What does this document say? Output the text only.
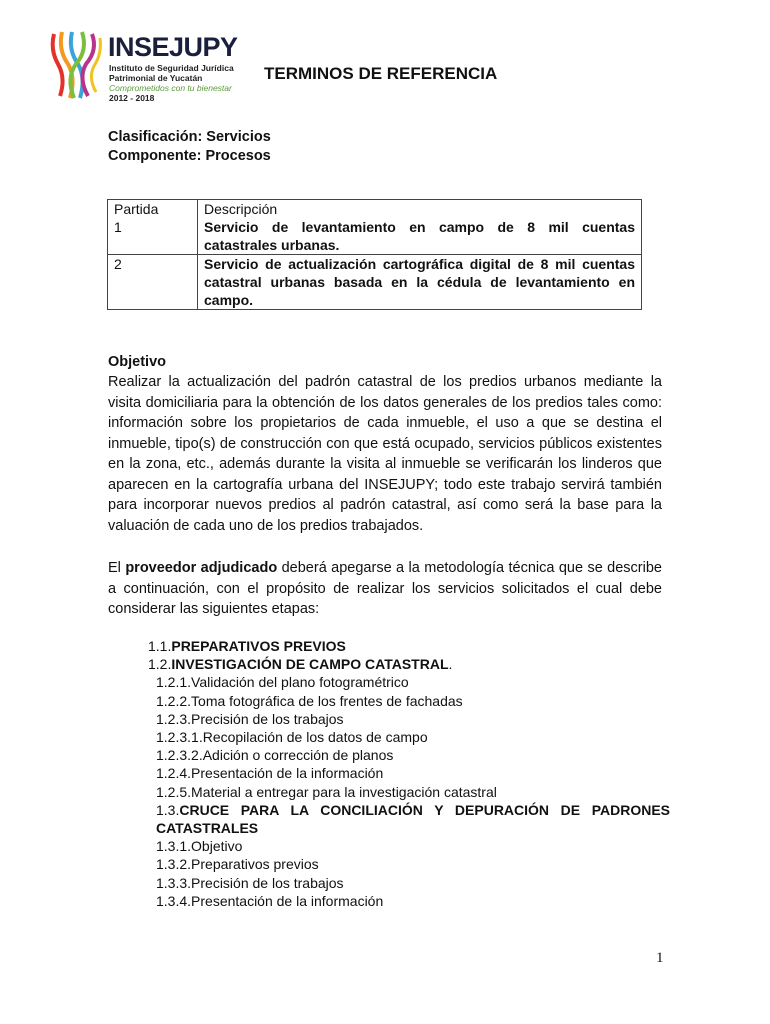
INSEJUPY
Instituto de Seguridad Jurídica
Patrimonial de Yucatán
Comprometidos con tu bienestar
2012 - 2018
TERMINOS DE REFERENCIA
Clasificación: Servicios
Componente: Procesos
Partida	Descripción
1	Servicio de levantamiento en campo de 8 mil cuentas catastrales urbanas.
2	Servicio de actualización cartográfica digital de 8 mil cuentas catastral urbanas basada en la cédula de levantamiento en campo.
Objetivo
Realizar la actualización del padrón catastral de los predios urbanos mediante la visita domiciliaria para la obtención de los datos generales de los predios tales como: información sobre los propietarios de cada inmueble, el uso a que se destina el inmueble, tipo(s) de construcción con que está ocupado, servicios públicos existentes en la zona, etc., además durante la visita al inmueble se verificarán los linderos que aparecen en la cartografía urbana del INSEJUPY; todo este trabajo servirá también para incorporar nuevos predios al padrón catastral, así como será la base para la valuación de cada uno de los predios trabajados.
El proveedor adjudicado deberá apegarse a la metodología técnica que se describe a continuación, con el propósito de realizar los servicios solicitados el cual debe considerar las siguientes etapas:
1.1.PREPARATIVOS PREVIOS
1.2.INVESTIGACIÓN DE CAMPO CATASTRAL.
1.2.1.Validación del plano fotogramétrico
1.2.2.Toma fotográfica de los frentes de fachadas
1.2.3.Precisión de los trabajos
1.2.3.1.Recopilación de los datos de campo
1.2.3.2.Adición o corrección de planos
1.2.4.Presentación de la información
1.2.5.Material a entregar para la investigación catastral
1.3.CRUCE PARA LA CONCILIACIÓN Y DEPURACIÓN DE PADRONES CATASTRALES
1.3.1.Objetivo
1.3.2.Preparativos previos
1.3.3.Precisión de los trabajos
1.3.4.Presentación de la información
1
